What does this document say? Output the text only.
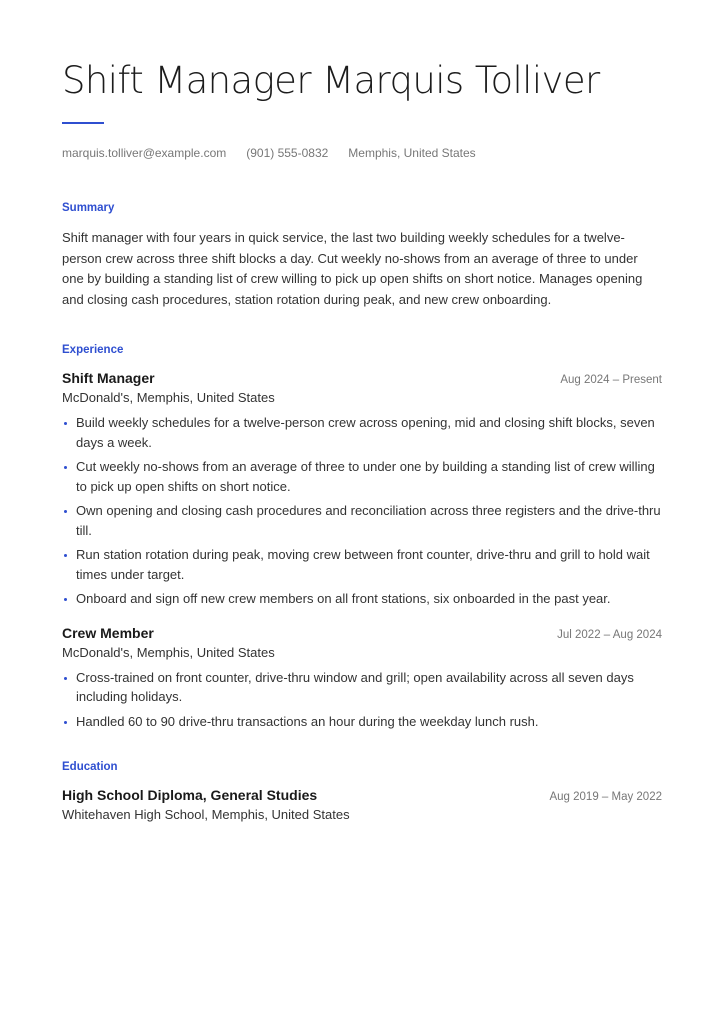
Shift Manager Marquis Tolliver
marquis.tolliver@example.com (901) 555-0832 Memphis, United States
Summary

Shift manager with four years in quick service, the last two building weekly schedules for a twelve-person crew across three shift blocks a day. Cut weekly no-shows from an average of three to under one by building a standing list of crew willing to pick up open shifts on short notice. Manages opening and closing cash procedures, station rotation during peak, and new crew onboarding.

Experience
Shift Manager	Aug 2024 – Present
McDonald's, Memphis, United States
Build weekly schedules for a twelve-person crew across opening, mid and closing shift blocks, seven days a week.
Cut weekly no-shows from an average of three to under one by building a standing list of crew willing to pick up open shifts on short notice.
Own opening and closing cash procedures and reconciliation across three registers and the drive-thru till.
Run station rotation during peak, moving crew between front counter, drive-thru and grill to hold wait times under target.
Onboard and sign off new crew members on all front stations, six onboarded in the past year.
Crew Member	Jul 2022 – Aug 2024
McDonald's, Memphis, United States
Cross-trained on front counter, drive-thru window and grill; open availability across all seven days including holidays.
Handled 60 to 90 drive-thru transactions an hour during the weekday lunch rush.
Education
High School Diploma, General Studies	Aug 2019 – May 2022
Whitehaven High School, Memphis, United States
